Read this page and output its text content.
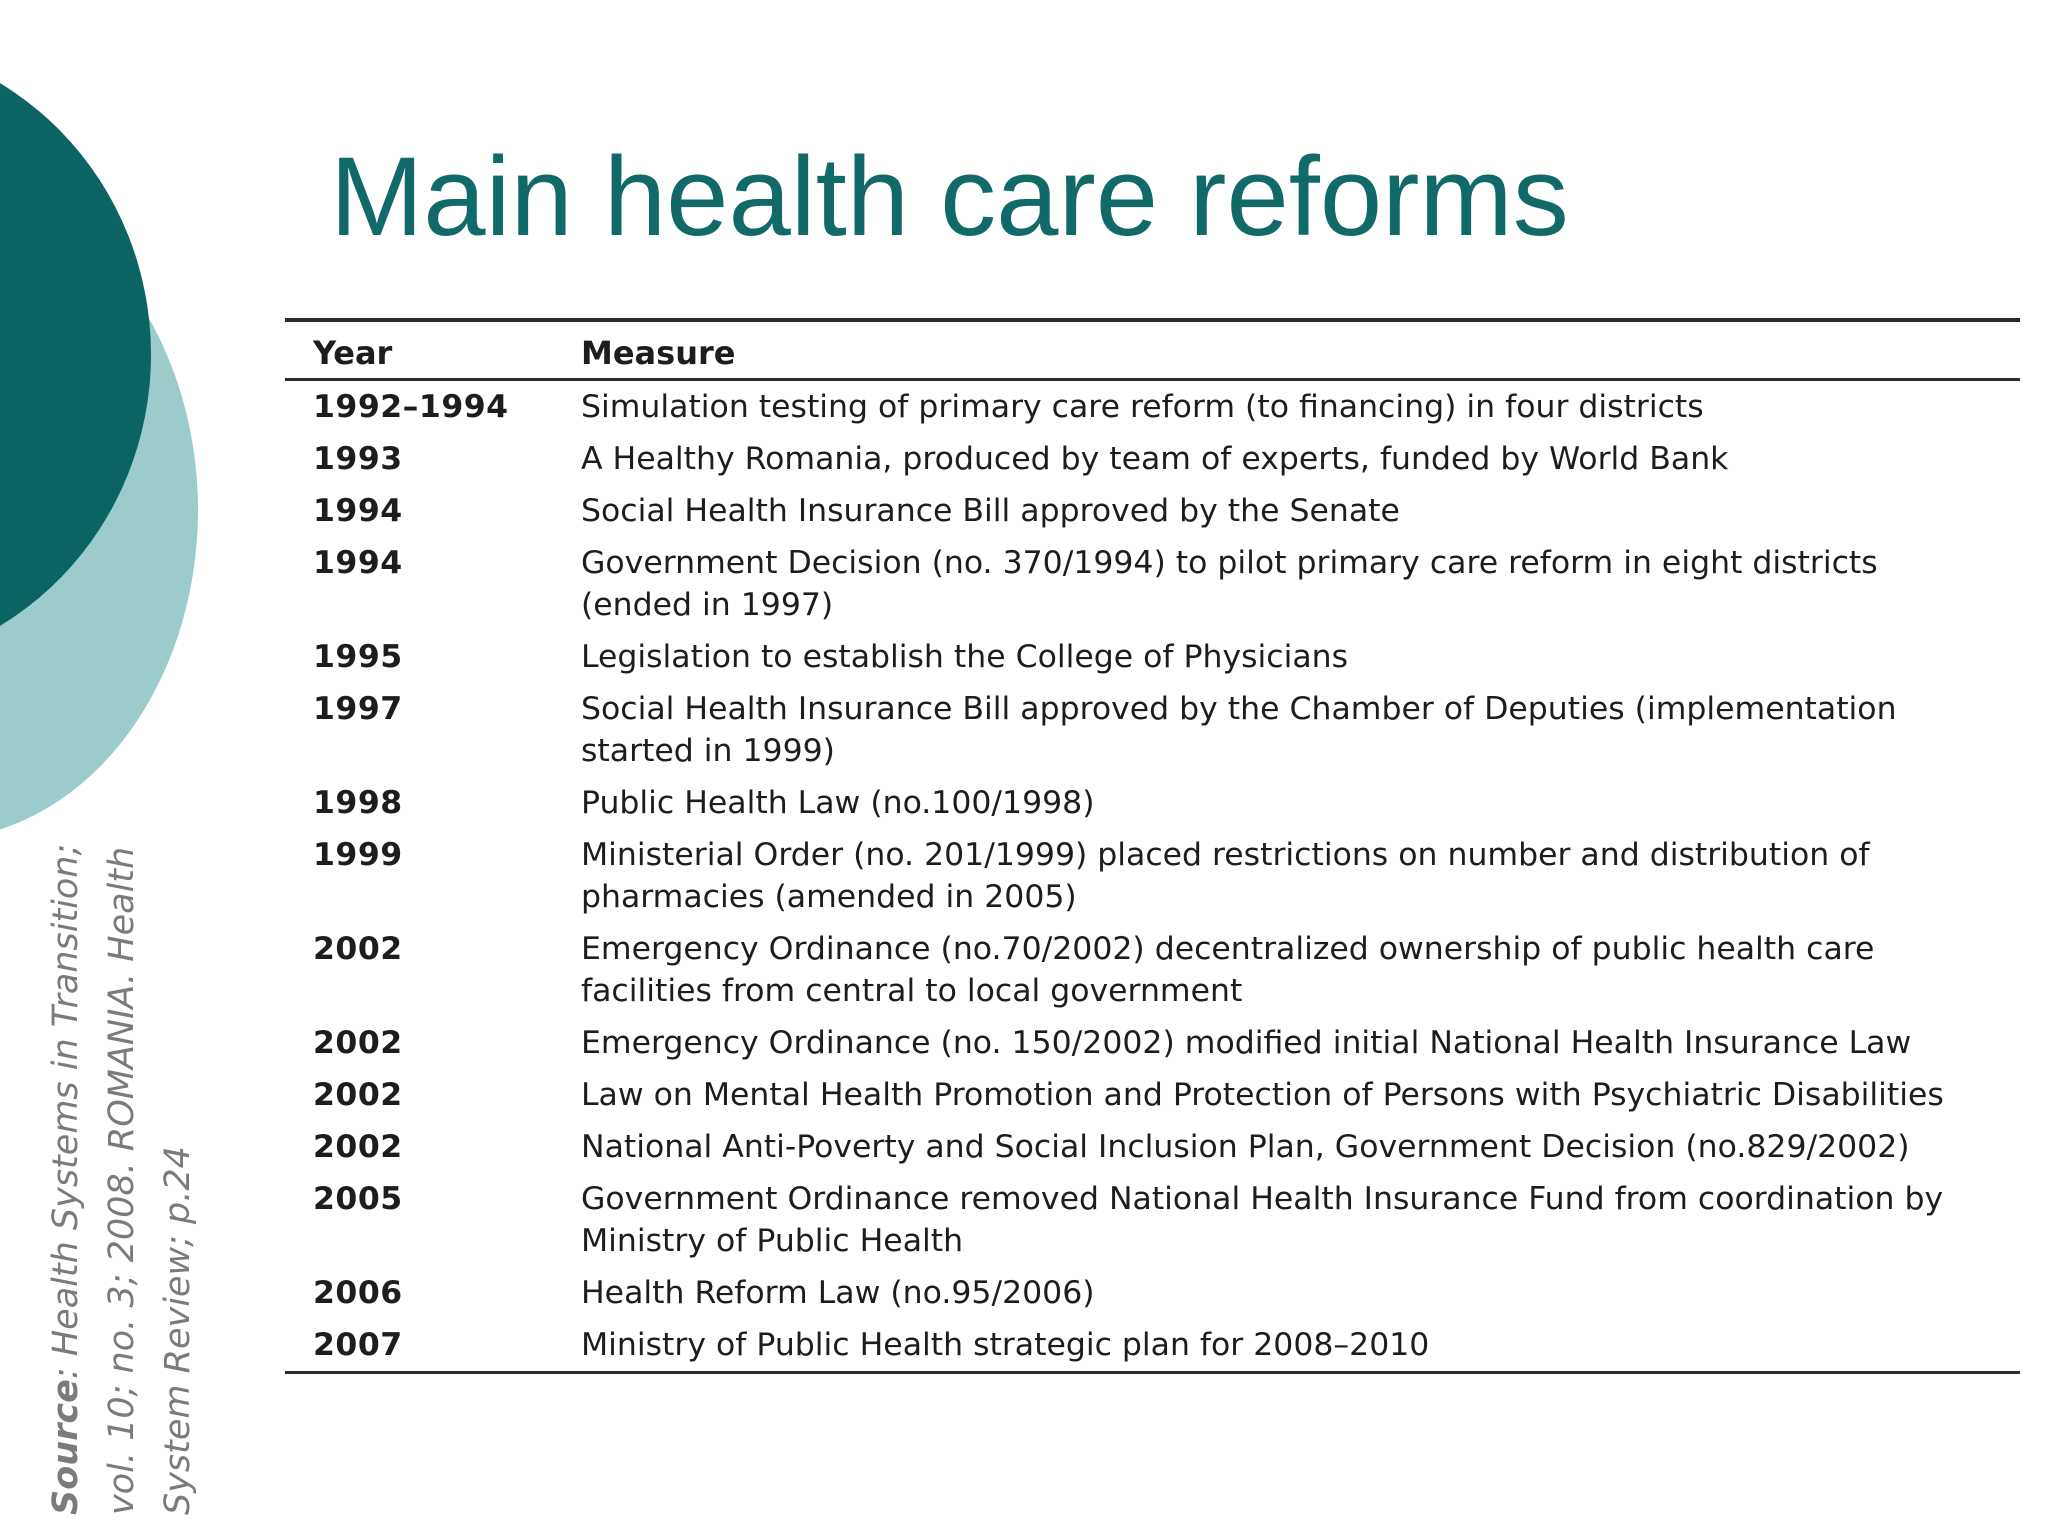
Main health care reforms
Source: Health Systems in Transition; vol. 10; no. 3; 2008. ROMANIA. Health System Review; p.24
Year	Measure
1992–1994	Simulation testing of primary care reform (to financing) in four districts
1993	A Healthy Romania, produced by team of experts, funded by World Bank
1994	Social Health Insurance Bill approved by the Senate
1994	Government Decision (no. 370/1994) to pilot primary care reform in eight districts (ended in 1997)
1995	Legislation to establish the College of Physicians
1997	Social Health Insurance Bill approved by the Chamber of Deputies (implementation started in 1999)
1998	Public Health Law (no.100/1998)
1999	Ministerial Order (no. 201/1999) placed restrictions on number and distribution of pharmacies (amended in 2005)
2002	Emergency Ordinance (no.70/2002) decentralized ownership of public health care facilities from central to local government
2002	Emergency Ordinance (no. 150/2002) modified initial National Health Insurance Law
2002	Law on Mental Health Promotion and Protection of Persons with Psychiatric Disabilities
2002	National Anti-Poverty and Social Inclusion Plan, Government Decision (no.829/2002)
2005	Government Ordinance removed National Health Insurance Fund from coordination by Ministry of Public Health
2006	Health Reform Law (no.95/2006)
2007	Ministry of Public Health strategic plan for 2008–2010
